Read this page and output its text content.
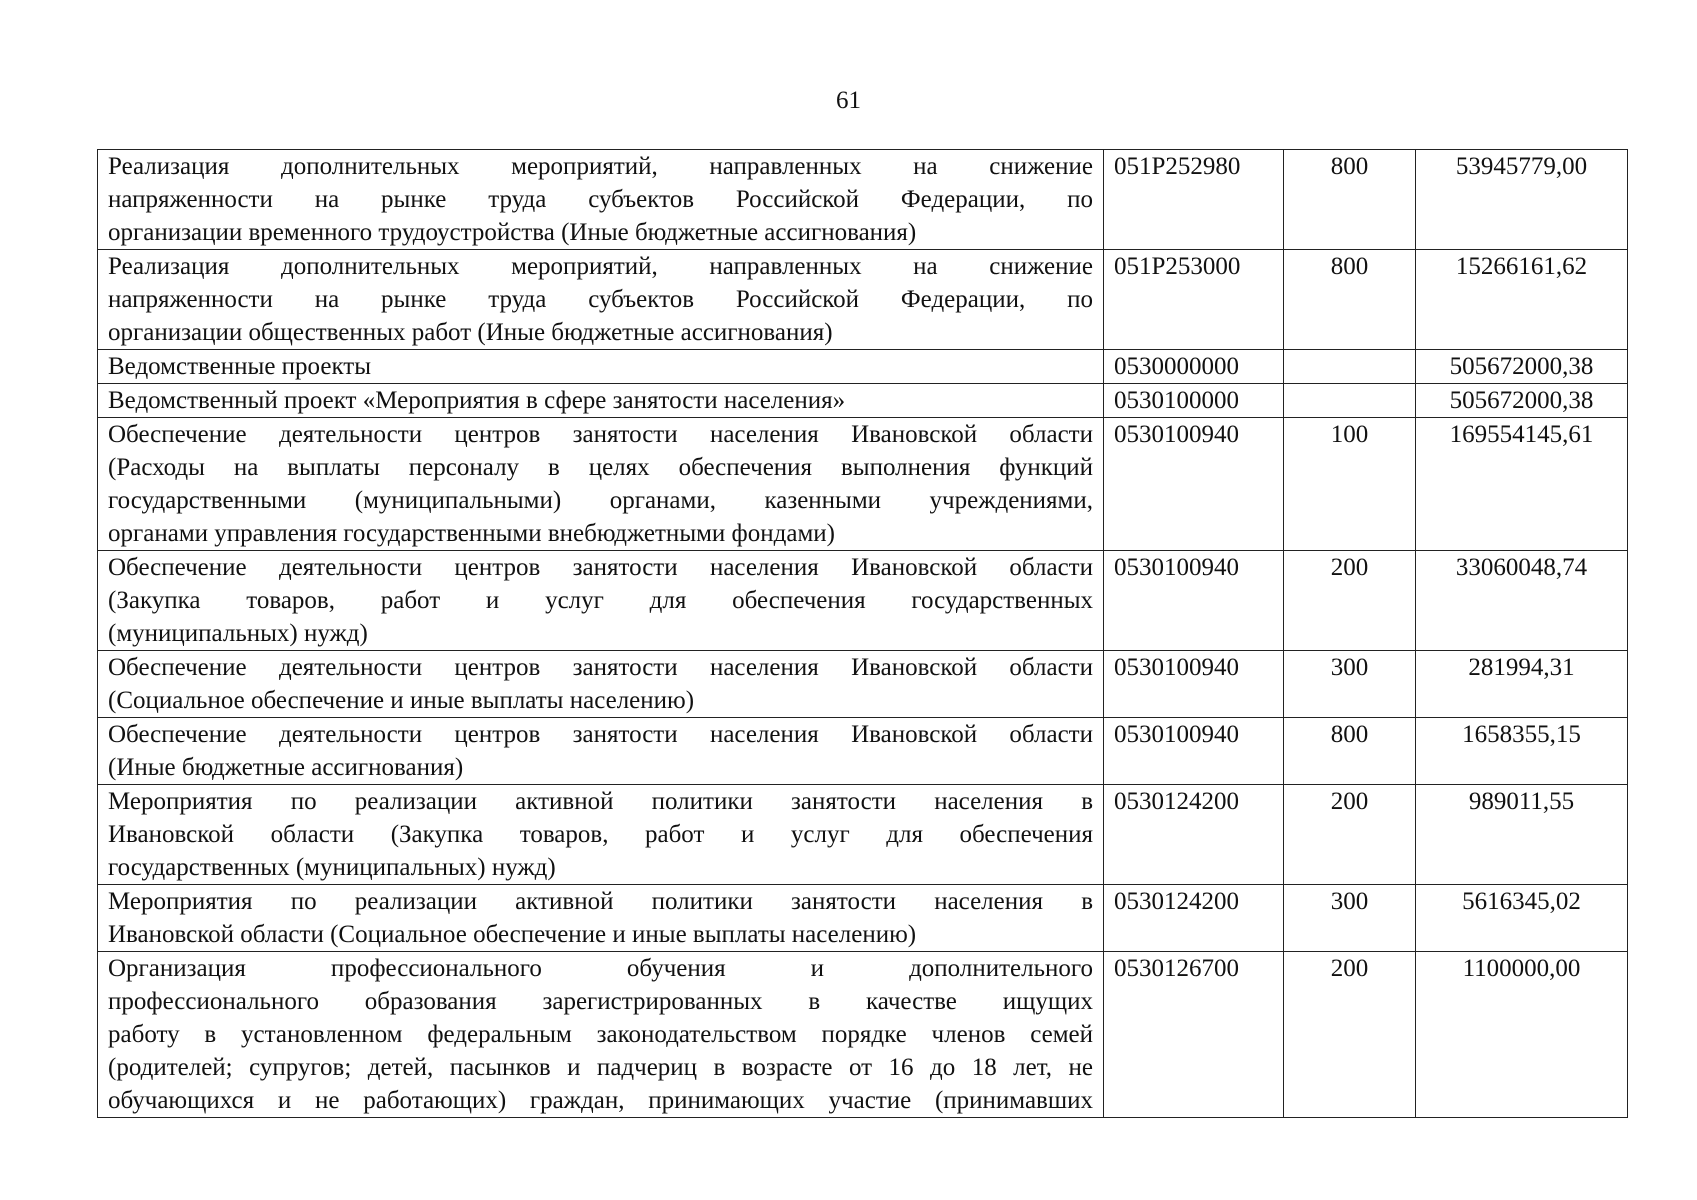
61
Реализация дополнительных мероприятий, направленных на снижение
напряженности на рынке труда субъектов Российской Федерации, по
организации временного трудоустройства (Иные бюджетные ассигнования)	051P252980	800	53945779,00

Реализация дополнительных мероприятий, направленных на снижение
напряженности на рынке труда субъектов Российской Федерации, по
организации общественных работ (Иные бюджетные ассигнования)	051P253000	800	15266161,62

Ведомственные проекты	0530000000		505672000,38

Ведомственный проект «Мероприятия в сфере занятости населения»	0530100000		505672000,38

Обеспечение деятельности центров занятости населения Ивановской области
(Расходы на выплаты персоналу в целях обеспечения выполнения функций
государственными (муниципальными) органами, казенными учреждениями,
органами управления государственными внебюджетными фондами)	0530100940	100	169554145,61

Обеспечение деятельности центров занятости населения Ивановской области
(Закупка товаров, работ и услуг для обеспечения государственных
(муниципальных) нужд)	0530100940	200	33060048,74

Обеспечение деятельности центров занятости населения Ивановской области
(Социальное обеспечение и иные выплаты населению)	0530100940	300	281994,31

Обеспечение деятельности центров занятости населения Ивановской области
(Иные бюджетные ассигнования)	0530100940	800	1658355,15

Мероприятия по реализации активной политики занятости населения в
Ивановской области (Закупка товаров, работ и услуг для обеспечения
государственных (муниципальных) нужд)	0530124200	200	989011,55

Мероприятия по реализации активной политики занятости населения в
Ивановской области (Социальное обеспечение и иные выплаты населению)	0530124200	300	5616345,02

Организация профессионального обучения и дополнительного
профессионального образования зарегистрированных в качестве ищущих
работу в установленном федеральным законодательством порядке членов семей
(родителей; супругов; детей, пасынков и падчериц в возрасте от 16 до 18 лет, не
обучающихся и не работающих) граждан, принимающих участие (принимавших	0530126700	200	1100000,00
